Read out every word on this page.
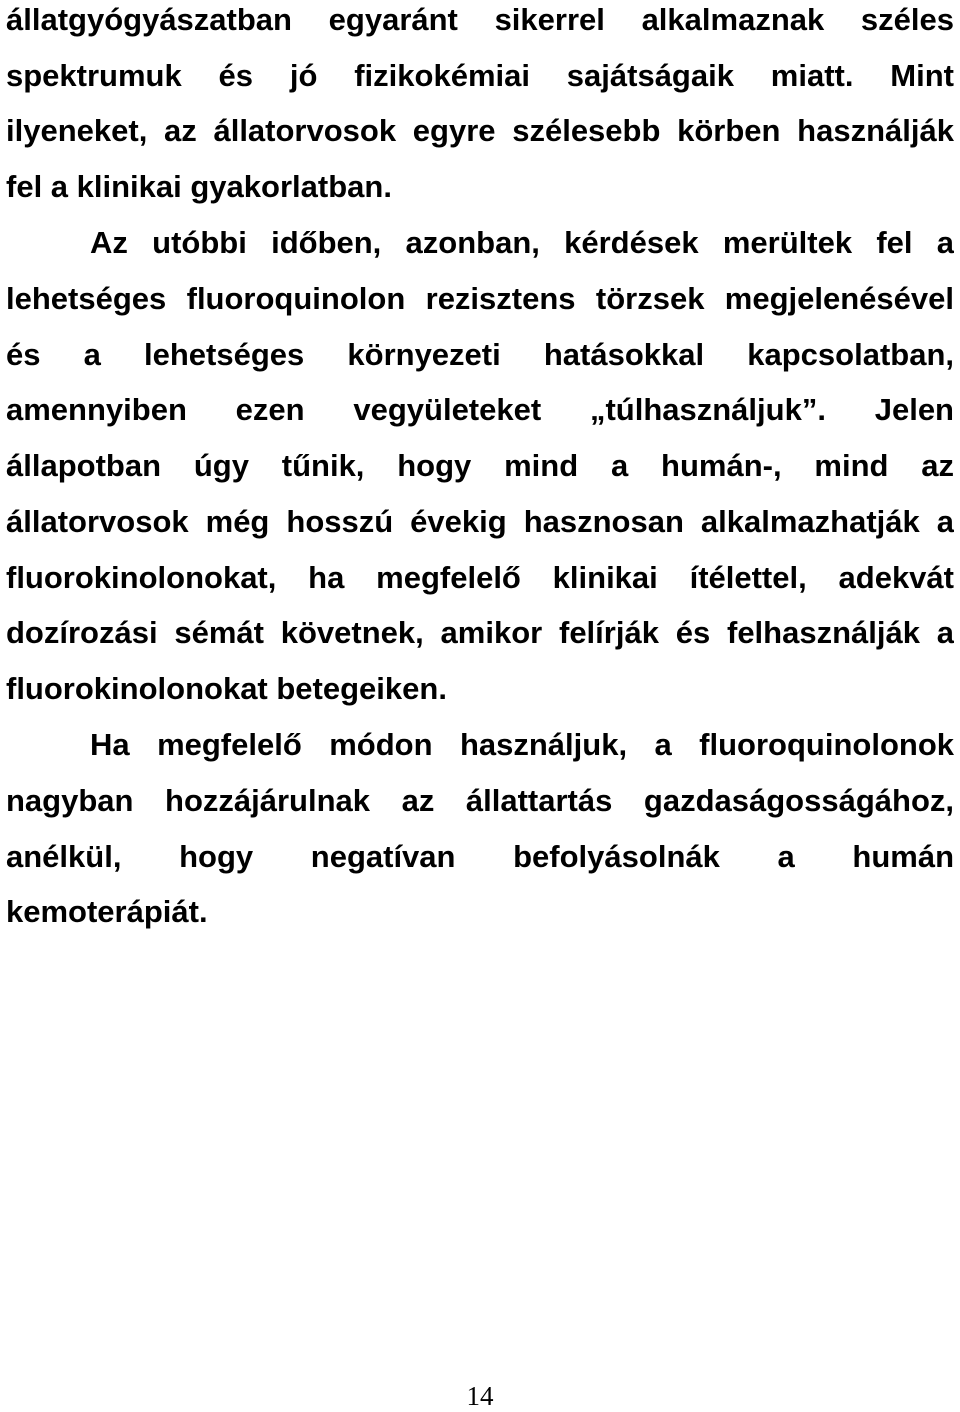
állatgyógyászatban egyaránt sikerrel alkalmaznak széles
spektrumuk és jó fizikokémiai sajátságaik miatt. Mint
ilyeneket, az állatorvosok egyre szélesebb körben használják
fel a klinikai gyakorlatban.
Az utóbbi időben, azonban, kérdések merültek fel a
lehetséges fluoroquinolon rezisztens törzsek megjelenésével
és a lehetséges környezeti hatásokkal kapcsolatban,
amennyiben ezen vegyületeket „túlhasználjuk”. Jelen
állapotban úgy tűnik, hogy mind a humán-, mind az
állatorvosok még hosszú évekig hasznosan alkalmazhatják a
fluorokinolonokat, ha megfelelő klinikai ítélettel, adekvát
dozírozási sémát követnek, amikor felírják és felhasználják a
fluorokinolonokat betegeiken.
Ha megfelelő módon használjuk, a fluoroquinolonok
nagyban hozzájárulnak az állattartás gazdaságosságához,
anélkül, hogy negatívan befolyásolnák a humán
kemoterápiát.
14
